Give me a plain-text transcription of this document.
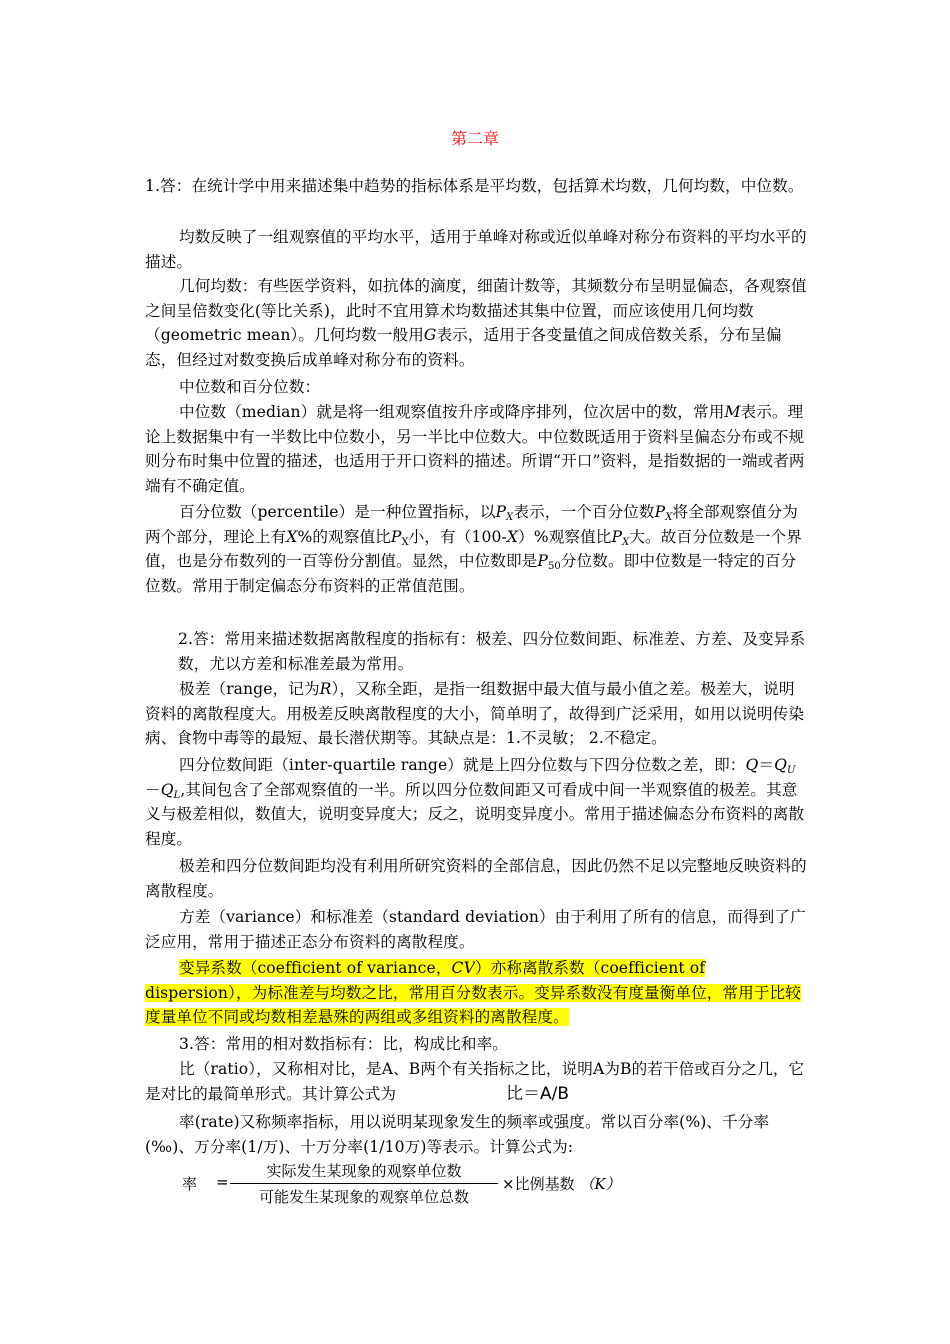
第二章
1.答：在统计学中用来描述集中趋势的指标体系是平均数，包括算术均数，几何均数，中位数。
均数反映了一组观察值的平均水平，适用于单峰对称或近似单峰对称分布资料的平均水平的描述。
几何均数：有些医学资料，如抗体的滴度，细菌计数等，其频数分布呈明显偏态，各观察值之间呈倍数变化(等比关系)，此时不宜用算术均数描述其集中位置，而应该使用几何均数（geometric mean）。几何均数一般用G表示，适用于各变量值之间成倍数关系，分布呈偏态，但经过对数变换后成单峰对称分布的资料。
中位数和百分位数：
中位数（median）就是将一组观察值按升序或降序排列，位次居中的数，常用M表示。理论上数据集中有一半数比中位数小，另一半比中位数大。中位数既适用于资料呈偏态分布或不规则分布时集中位置的描述，也适用于开口资料的描述。所谓“开口”资料，是指数据的一端或者两端有不确定值。
百分位数（percentile）是一种位置指标，以$P_X$表示，一个百分位数$P_X$将全部观察值分为两个部分，理论上有X%的观察值比$P_X$小，有（100-X）%观察值比$P_X$大。故百分位数是一个界值，也是分布数列的一百等份分割值。显然，中位数即是$P_{50}$分位数。即中位数是一特定的百分位数。常用于制定偏态分布资料的正常值范围。
2.答：常用来描述数据离散程度的指标有：极差、四分位数间距、标准差、方差、及变异系数，尤以方差和标准差最为常用。
极差（range，记为R），又称全距，是指一组数据中最大值与最小值之差。极差大，说明资料的离散程度大。用极差反映离散程度的大小，简单明了，故得到广泛采用，如用以说明传染病、食物中毒等的最短、最长潜伏期等。其缺点是：1.不灵敏； 2.不稳定。
四分位数间距（inter-quartile range）就是上四分位数与下四分位数之差，即：$Q=Q_U-Q_L$,其间包含了全部观察值的一半。所以四分位数间距又可看成中间一半观察值的极差。其意义与极差相似，数值大，说明变异度大；反之，说明变异度小。常用于描述偏态分布资料的离散程度。
极差和四分位数间距均没有利用所研究资料的全部信息，因此仍然不足以完整地反映资料的离散程度。
方差（variance）和标准差（standard deviation）由于利用了所有的信息，而得到了广泛应用，常用于描述正态分布资料的离散程度。
变异系数（coefficient of variance，CV）亦称离散系数（coefficient of dispersion），为标准差与均数之比，常用百分数表示。变异系数没有度量衡单位，常用于比较度量单位不同或均数相差悬殊的两组或多组资料的离散程度。
3.答：常用的相对数指标有：比，构成比和率。
比（ratio），又称相对比，是A、B两个有关指标之比，说明A为B的若干倍或百分之几，它是对比的最简单形式。其计算公式为	比＝A/B
率(rate)又称频率指标，用以说明某现象发生的频率或强度。常以百分率(%)、千分率(‰)、万分率(1/万)、十万分率(1/10万)等表示。计算公式为:
率 =
实际发生某现象的观察单位数
可能发生某现象的观察单位总数
×比例基数 （K）
